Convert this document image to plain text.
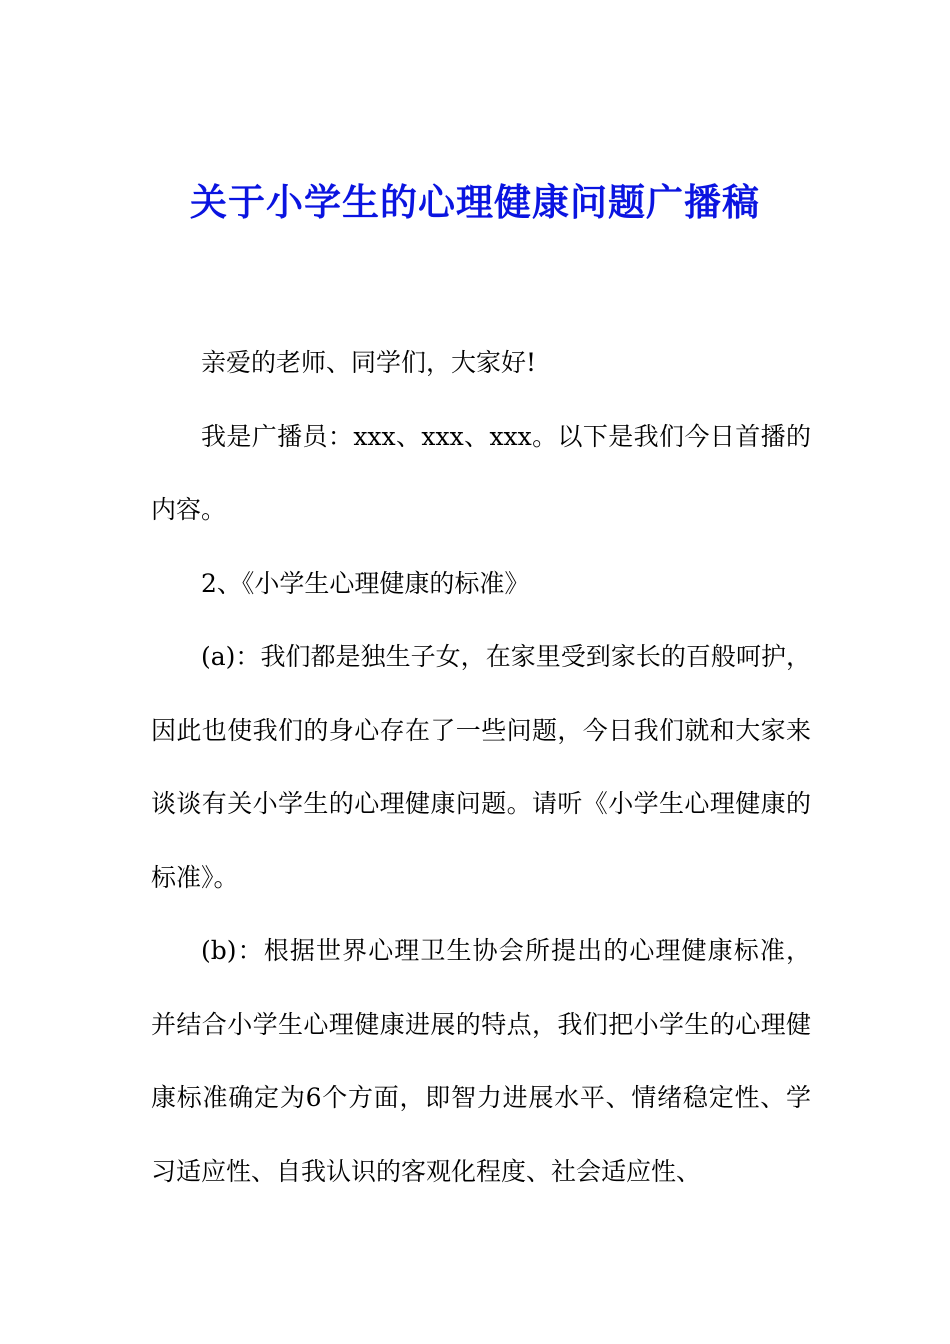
关于小学生的心理健康问题广播稿

亲爱的老师、同学们，大家好!

我是广播员：xxx、xxx、xxx。以下是我们今日首播的内容。

2、《小学生心理健康的标准》

(a)：我们都是独生子女，在家里受到家长的百般呵护，因此也使我们的身心存在了一些问题，今日我们就和大家来谈谈有关小学生的心理健康问题。请听《小学生心理健康的标准》。

(b)：根据世界心理卫生协会所提出的心理健康标准，并结合小学生心理健康进展的特点，我们把小学生的心理健康标准确定为6个方面，即智力进展水平、情绪稳定性、学习适应性、自我认识的客观化程度、社会适应性、
